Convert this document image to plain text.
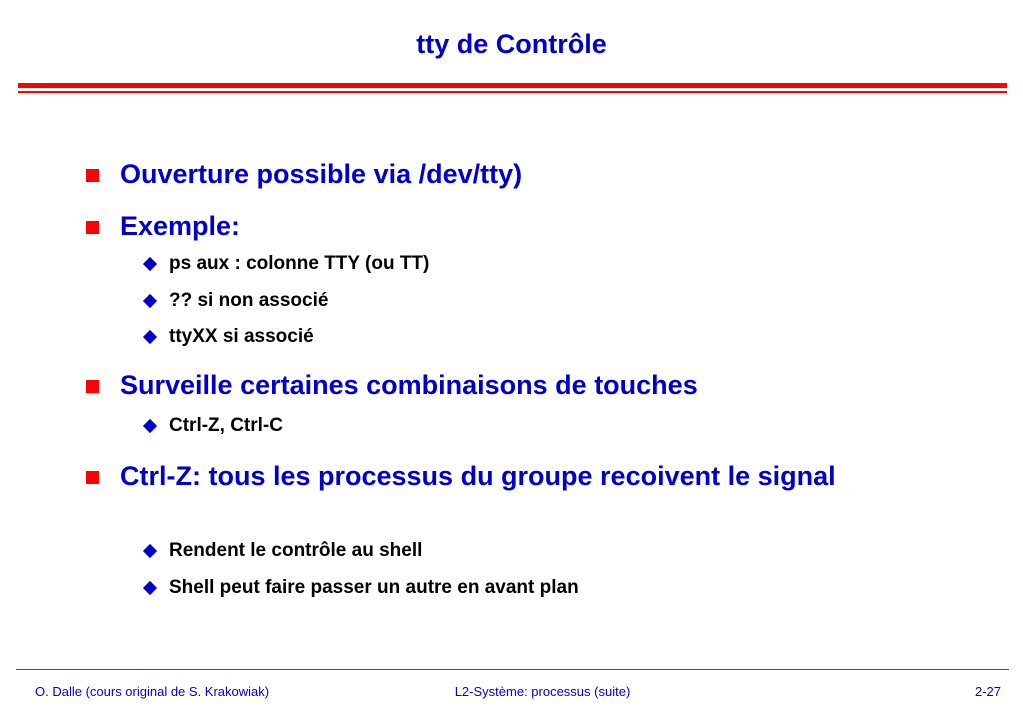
tty de Contrôle
Ouverture possible via /dev/tty)
Exemple:
ps aux : colonne TTY (ou TT)
?? si non associé
ttyXX si associé
Surveille certaines combinaisons de touches
Ctrl-Z, Ctrl-C
Ctrl-Z: tous les processus du groupe recoivent le signal
Rendent le contrôle au shell
Shell peut faire passer un autre en avant plan
O. Dalle (cours original de S. Krakowiak)	L2-Système: processus (suite)	2-27
